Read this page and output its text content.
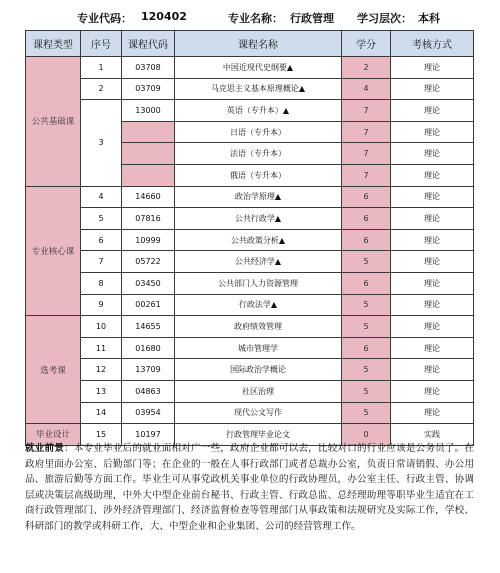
专业代码： 120402	专业名称： 行政管理 学习层次： 本科
课程类型	序号	课程代码	课程名称	学分	考核方式
公共基础课	1	03708	中国近现代史纲要▲	2	理论
	2	03709	马克思主义基本原理概论▲	4	理论
	3	13000	英语（专升本）▲	7	理论
			日语（专升本）	7	理论
			法语（专升本）	7	理论
			俄语（专升本）	7	理论
专业核心课	4	14660	政治学原理▲	6	理论
	5	07816	公共行政学▲	6	理论
	6	10999	公共政策分析▲	6	理论
	7	05722	公共经济学▲	5	理论
	8	03450	公共部门人力资源管理	6	理论
	9	00261	行政法学▲	5	理论
选考课	10	14655	政府绩效管理	5	理论
	11	01680	城市管理学	6	理论
	12	13709	国际政治学概论	5	理论
	13	04863	社区治理	5	理论
	14	03954	现代公文写作	5	理论
毕业设计	15	10197	行政管理毕业论文	0	实践
就业前景：本专业毕业后的就业面相对广一些，政府企业都可以去，比较对口的行业应该是公务员了。在政府里面办公室、后勤部门等；在企业的一般在人事行政部门或者总裁办公室，负责日常请销假、办公用品、旅游后勤等方面工作。毕业生可从事党政机关事业单位的行政协理员，办公室主任、行政主管、协调层或决策层高级助理，中外大中型企业前台秘书、行政主管、行政总监、总经理助理等职毕业生适宜在工商行政管理部门、涉外经济管理部门、经济监督检查等管理部门从事政策和法规研究及实际工作，学校、科研部门的教学或科研工作，大、中型企业和企业集团、公司的经营管理工作。
